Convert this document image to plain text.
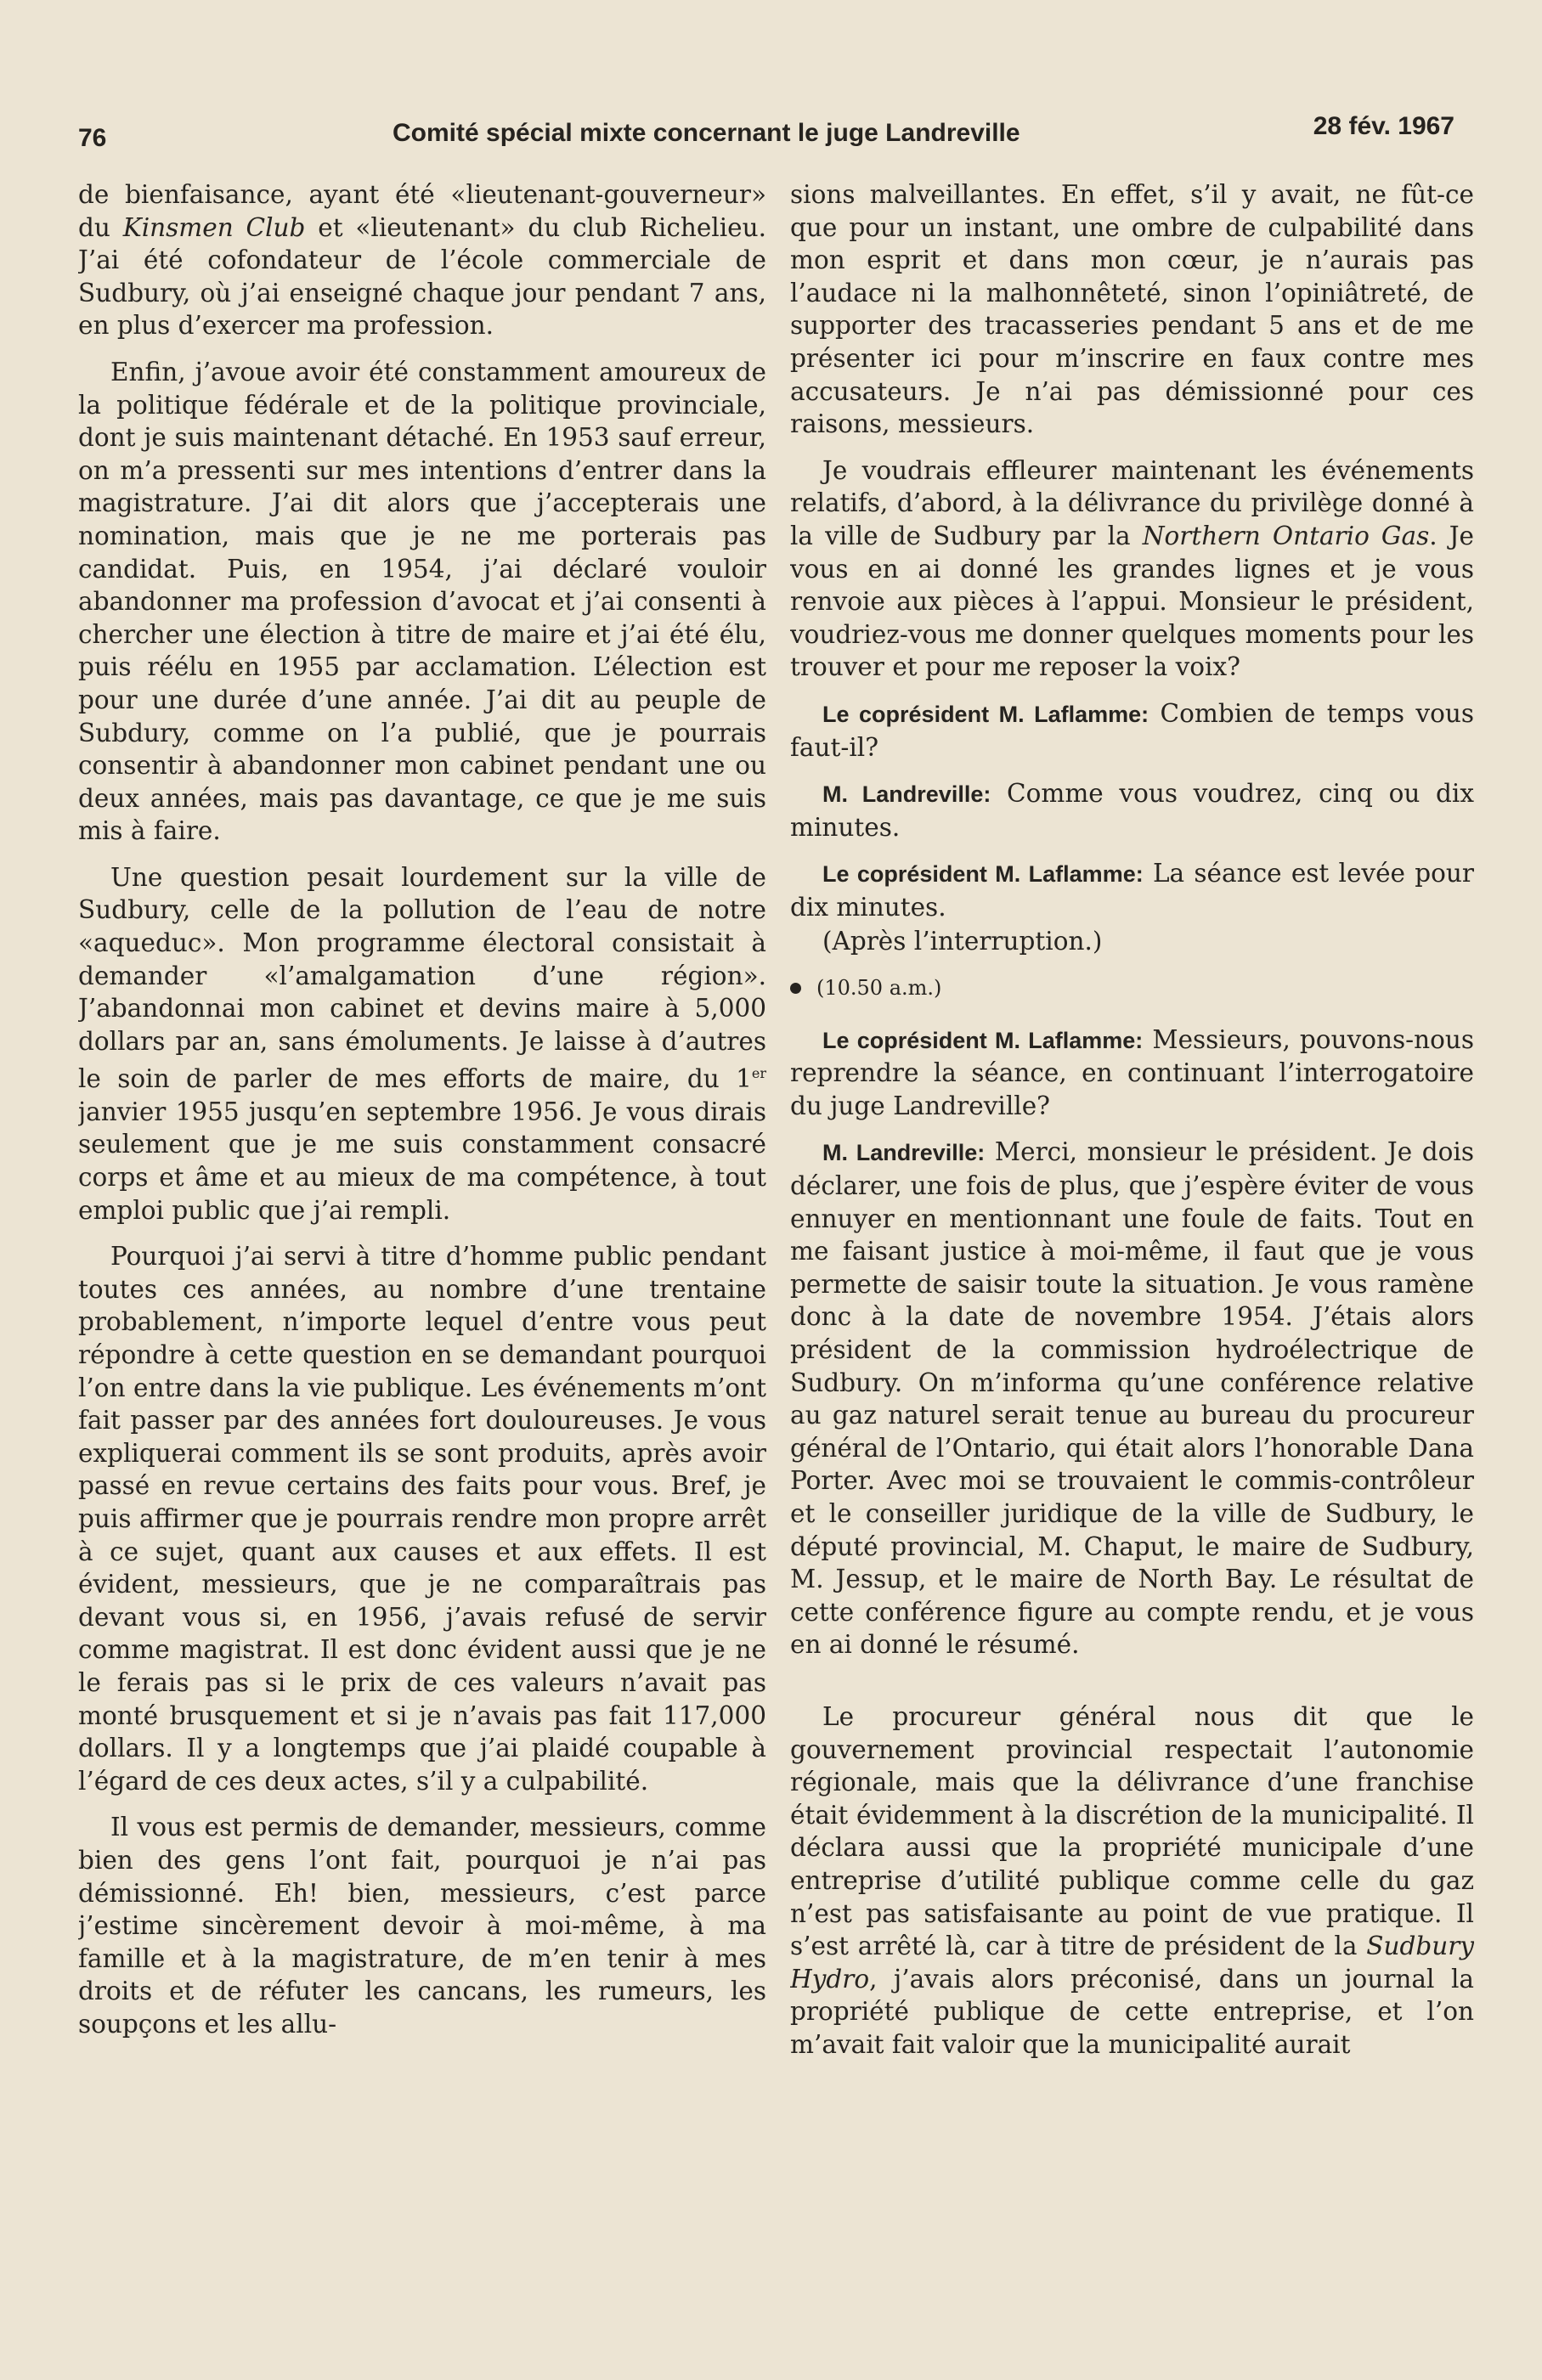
76	Comité spécial mixte concernant le juge Landreville	28 fév. 1967

de bienfaisance, ayant été «lieutenant-gouverneur» du Kinsmen Club et «lieutenant» du club Richelieu. J’ai été cofondateur de l’école commerciale de Sudbury, où j’ai enseigné chaque jour pendant 7 ans, en plus d’exercer ma profession.

Enfin, j’avoue avoir été constamment amoureux de la politique fédérale et de la politique provinciale, dont je suis maintenant détaché. En 1953 sauf erreur, on m’a pressenti sur mes intentions d’entrer dans la magistrature. J’ai dit alors que j’accepterais une nomination, mais que je ne me porterais pas candidat. Puis, en 1954, j’ai déclaré vouloir abandonner ma profession d’avocat et j’ai consenti à chercher une élection à titre de maire et j’ai été élu, puis réélu en 1955 par acclamation. L’élection est pour une durée d’une année. J’ai dit au peuple de Subdury, comme on l’a publié, que je pourrais consentir à abandonner mon cabinet pendant une ou deux années, mais pas davantage, ce que je me suis mis à faire.

Une question pesait lourdement sur la ville de Sudbury, celle de la pollution de l’eau de notre «aqueduc». Mon programme électoral consistait à demander «l’amalgamation d’une région». J’abandonnai mon cabinet et devins maire à 5,000 dollars par an, sans émoluments. Je laisse à d’autres le soin de parler de mes efforts de maire, du 1er janvier 1955 jusqu’en septembre 1956. Je vous dirais seulement que je me suis constamment consacré corps et âme et au mieux de ma compétence, à tout emploi public que j’ai rempli.

Pourquoi j’ai servi à titre d’homme public pendant toutes ces années, au nombre d’une trentaine probablement, n’importe lequel d’entre vous peut répondre à cette question en se demandant pourquoi l’on entre dans la vie publique. Les événements m’ont fait passer par des années fort douloureuses. Je vous expliquerai comment ils se sont produits, après avoir passé en revue certains des faits pour vous. Bref, je puis affirmer que je pourrais rendre mon propre arrêt à ce sujet, quant aux causes et aux effets. Il est évident, messieurs, que je ne comparaîtrais pas devant vous si, en 1956, j’avais refusé de servir comme magistrat. Il est donc évident aussi que je ne le ferais pas si le prix de ces valeurs n’avait pas monté brusquement et si je n’avais pas fait 117,000 dollars. Il y a longtemps que j’ai plaidé coupable à l’égard de ces deux actes, s’il y a culpabilité.

Il vous est permis de demander, messieurs, comme bien des gens l’ont fait, pourquoi je n’ai pas démissionné. Eh! bien, messieurs, c’est parce j’estime sincèrement devoir à moi-même, à ma famille et à la magistrature, de m’en tenir à mes droits et de réfuter les cancans, les rumeurs, les soupçons et les allu-

sions malveillantes. En effet, s’il y avait, ne fût-ce que pour un instant, une ombre de culpabilité dans mon esprit et dans mon cœur, je n’aurais pas l’audace ni la malhonnêteté, sinon l’opiniâtreté, de supporter des tracasseries pendant 5 ans et de me présenter ici pour m’inscrire en faux contre mes accusateurs. Je n’ai pas démissionné pour ces raisons, messieurs.

Je voudrais effleurer maintenant les événements relatifs, d’abord, à la délivrance du privilège donné à la ville de Sudbury par la Northern Ontario Gas. Je vous en ai donné les grandes lignes et je vous renvoie aux pièces à l’appui. Monsieur le président, voudriez-vous me donner quelques moments pour les trouver et pour me reposer la voix?

Le coprésident M. Laflamme: Combien de temps vous faut-il?

M. Landreville: Comme vous voudrez, cinq ou dix minutes.

Le coprésident M. Laflamme: La séance est levée pour dix minutes.

(Après l’interruption.)

(10.50 a.m.)

Le coprésident M. Laflamme: Messieurs, pouvons-nous reprendre la séance, en continuant l’interrogatoire du juge Landreville?

M. Landreville: Merci, monsieur le président. Je dois déclarer, une fois de plus, que j’espère éviter de vous ennuyer en mentionnant une foule de faits. Tout en me faisant justice à moi-même, il faut que je vous permette de saisir toute la situation. Je vous ramène donc à la date de novembre 1954. J’étais alors président de la commission hydroélectrique de Sudbury. On m’informa qu’une conférence relative au gaz naturel serait tenue au bureau du procureur général de l’Ontario, qui était alors l’honorable Dana Porter. Avec moi se trouvaient le commis-contrôleur et le conseiller juridique de la ville de Sudbury, le député provincial, M. Chaput, le maire de Sudbury, M. Jessup, et le maire de North Bay. Le résultat de cette conférence figure au compte rendu, et je vous en ai donné le résumé.

Le procureur général nous dit que le gouvernement provincial respectait l’autonomie régionale, mais que la délivrance d’une franchise était évidemment à la discrétion de la municipalité. Il déclara aussi que la propriété municipale d’une entreprise d’utilité publique comme celle du gaz n’est pas satisfaisante au point de vue pratique. Il s’est arrêté là, car à titre de président de la Sudbury Hydro, j’avais alors préconisé, dans un journal la propriété publique de cette entreprise, et l’on m’avait fait valoir que la municipalité aurait
